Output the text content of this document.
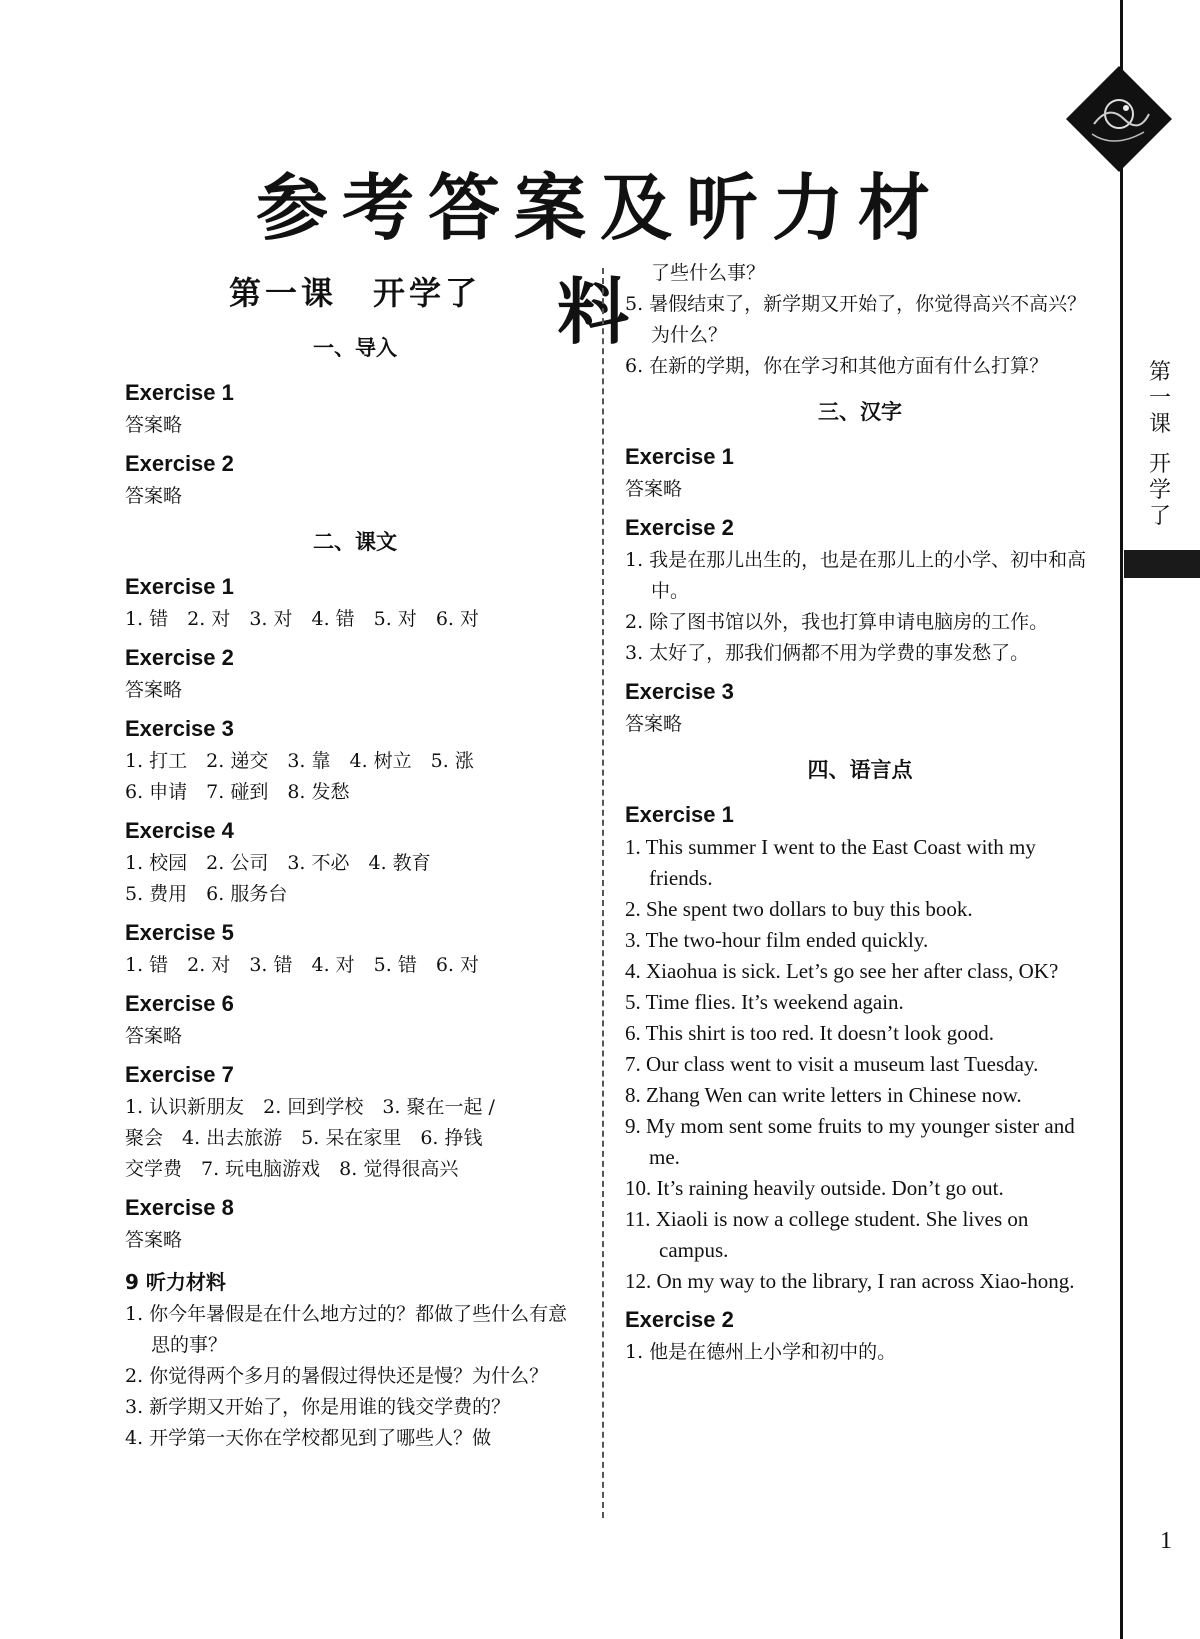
第
一
课
开
学
了
1
参考答案及听力材料
第一课　开学了
一、导入
Exercise 1
答案略
Exercise 2
答案略
二、课文
Exercise 1
1. 错　2. 对　3. 对　4. 错　5. 对　6. 对
Exercise 2
答案略
Exercise 3
1. 打工　2. 递交　3. 靠　4. 树立　5. 涨
6. 申请　7. 碰到　8. 发愁
Exercise 4
1. 校园　2. 公司　3. 不必　4. 教育
5. 费用　6. 服务台
Exercise 5
1. 错　2. 对　3. 错　4. 对　5. 错　6. 对
Exercise 6
答案略
Exercise 7
1. 认识新朋友　2. 回到学校　3. 聚在一起 /
聚会　4. 出去旅游　5. 呆在家里　6. 挣钱
交学费　7. 玩电脑游戏　8. 觉得很高兴
Exercise 8
答案略
9 听力材料
1. 你今年暑假是在什么地方过的？都做了些什么有意思的事？
2. 你觉得两个多月的暑假过得快还是慢？为什么？
3. 新学期又开始了，你是用谁的钱交学费的？
4. 开学第一天你在学校都见到了哪些人？做
了些什么事？
5. 暑假结束了，新学期又开始了，你觉得高兴不高兴？为什么？
6. 在新的学期，你在学习和其他方面有什么打算？
三、汉字
Exercise 1
答案略
Exercise 2
1. 我是在那儿出生的，也是在那儿上的小学、初中和高中。
2. 除了图书馆以外，我也打算申请电脑房的工作。
3. 太好了，那我们俩都不用为学费的事发愁了。
Exercise 3
答案略
四、语言点
Exercise 1
1. This summer I went to the East Coast with my friends.
2. She spent two dollars to buy this book.
3. The two-hour film ended quickly.
4. Xiaohua is sick. Let’s go see her after class, OK?
5. Time flies. It’s weekend again.
6. This shirt is too red. It doesn’t look good.
7. Our class went to visit a museum last Tuesday.
8. Zhang Wen can write letters in Chinese now.
9. My mom sent some fruits to my younger sister and me.
10. It’s raining heavily outside. Don’t go out.
11. Xiaoli is now a college student. She lives on campus.
12. On my way to the library, I ran across Xiao-hong.
Exercise 2
1. 他是在德州上小学和初中的。
